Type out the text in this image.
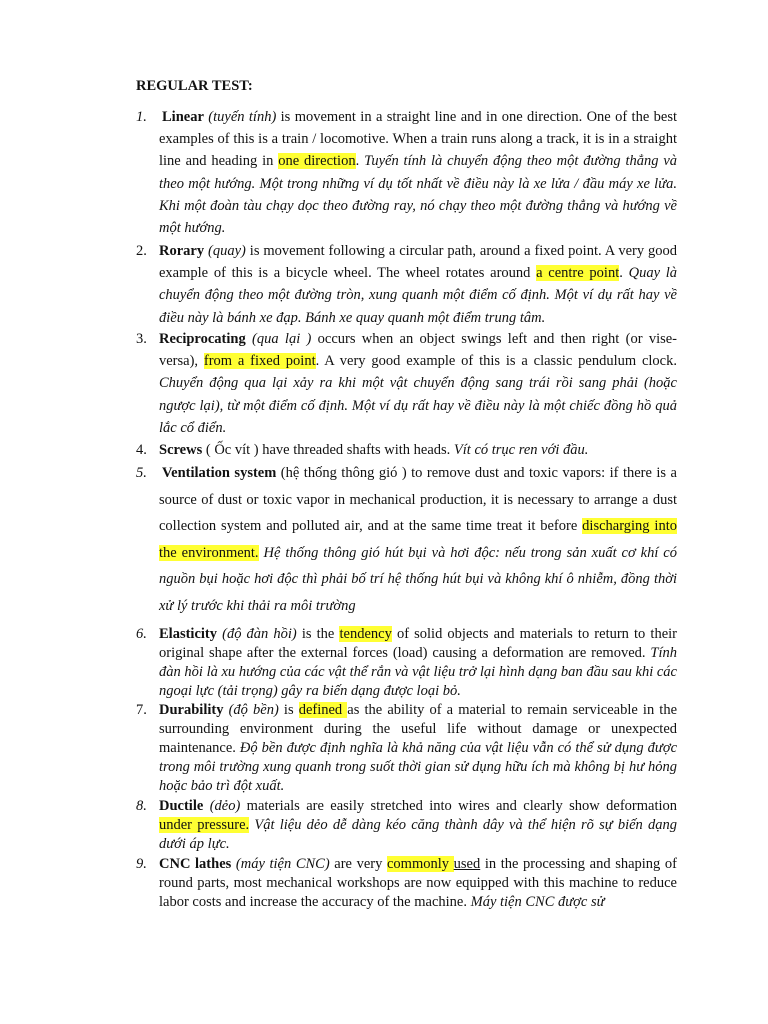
REGULAR TEST:
1. Linear (tuyến tính) is movement in a straight line and in one direction. One of the best examples of this is a train / locomotive. When a train runs along a track, it is in a straight line and heading in one direction. Tuyến tính là chuyển động theo một đường thẳng và theo một hướng. Một trong những ví dụ tốt nhất về điều này là xe lửa / đầu máy xe lửa. Khi một đoàn tàu chạy dọc theo đường ray, nó chạy theo một đường thẳng và hướng về một hướng.
2. Rorary (quay) is movement following a circular path, around a fixed point. A very good example of this is a bicycle wheel. The wheel rotates around a centre point. Quay là chuyển động theo một đường tròn, xung quanh một điểm cố định. Một ví dụ rất hay về điều này là bánh xe đạp. Bánh xe quay quanh một điểm trung tâm.
3. Reciprocating (qua lại ) occurs when an object swings left and then right (or vise-versa), from a fixed point. A very good example of this is a classic pendulum clock. Chuyển động qua lại xảy ra khi một vật chuyển động sang trái rồi sang phải (hoặc ngược lại), từ một điểm cố định. Một ví dụ rất hay về điều này là một chiếc đồng hồ quả lắc cổ điển.
4. Screws ( Ốc vít ) have threaded shafts with heads. Vít có trục ren với đầu.
5. Ventilation system (hệ thống thông gió ) to remove dust and toxic vapors: if there is a source of dust or toxic vapor in mechanical production, it is necessary to arrange a dust collection system and polluted air, and at the same time treat it before discharging into the environment. Hệ thống thông gió hút bụi và hơi độc: nếu trong sản xuất cơ khí có nguồn bụi hoặc hơi độc thì phải bố trí hệ thống hút bụi và không khí ô nhiễm, đồng thời xử lý trước khi thải ra môi trường
6. Elasticity (độ đàn hồi) is the tendency of solid objects and materials to return to their original shape after the external forces (load) causing a deformation are removed. Tính đàn hồi là xu hướng của các vật thể rắn và vật liệu trở lại hình dạng ban đầu sau khi các ngoại lực (tải trọng) gây ra biến dạng được loại bỏ.
7. Durability (độ bền) is defined as the ability of a material to remain serviceable in the surrounding environment during the useful life without damage or unexpected maintenance. Độ bền được định nghĩa là khả năng của vật liệu vẫn có thể sử dụng được trong môi trường xung quanh trong suốt thời gian sử dụng hữu ích mà không bị hư hỏng hoặc bảo trì đột xuất.
8. Ductile (dẻo) materials are easily stretched into wires and clearly show deformation under pressure. Vật liệu dẻo dễ dàng kéo căng thành dây và thể hiện rõ sự biến dạng dưới áp lực.
9. CNC lathes (máy tiện CNC) are very commonly used in the processing and shaping of round parts, most mechanical workshops are now equipped with this machine to reduce labor costs and increase the accuracy of the machine. Máy tiện CNC được sử
